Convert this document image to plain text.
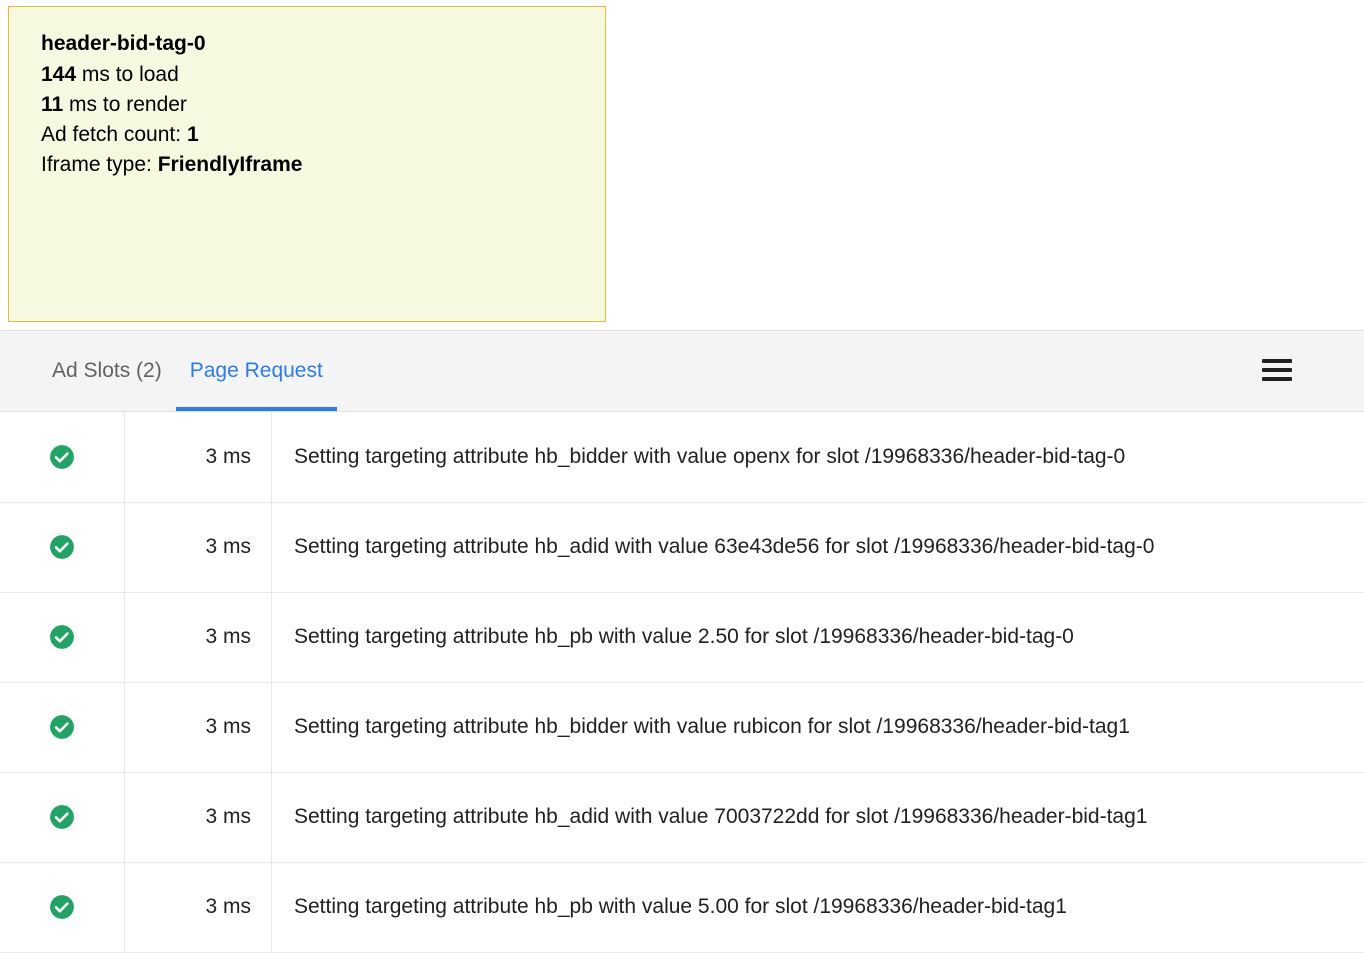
header-bid-tag-0
144 ms to load
11 ms to render
Ad fetch count: 1
Iframe type: FriendlyIframe
Ad Slots (2)	Page Request
	3 ms	Setting targeting attribute hb_bidder with value openx for slot /19968336/header-bid-tag-0
	3 ms	Setting targeting attribute hb_adid with value 63e43de56 for slot /19968336/header-bid-tag-0
	3 ms	Setting targeting attribute hb_pb with value 2.50 for slot /19968336/header-bid-tag-0
	3 ms	Setting targeting attribute hb_bidder with value rubicon for slot /19968336/header-bid-tag1
	3 ms	Setting targeting attribute hb_adid with value 7003722dd for slot /19968336/header-bid-tag1
	3 ms	Setting targeting attribute hb_pb with value 5.00 for slot /19968336/header-bid-tag1
